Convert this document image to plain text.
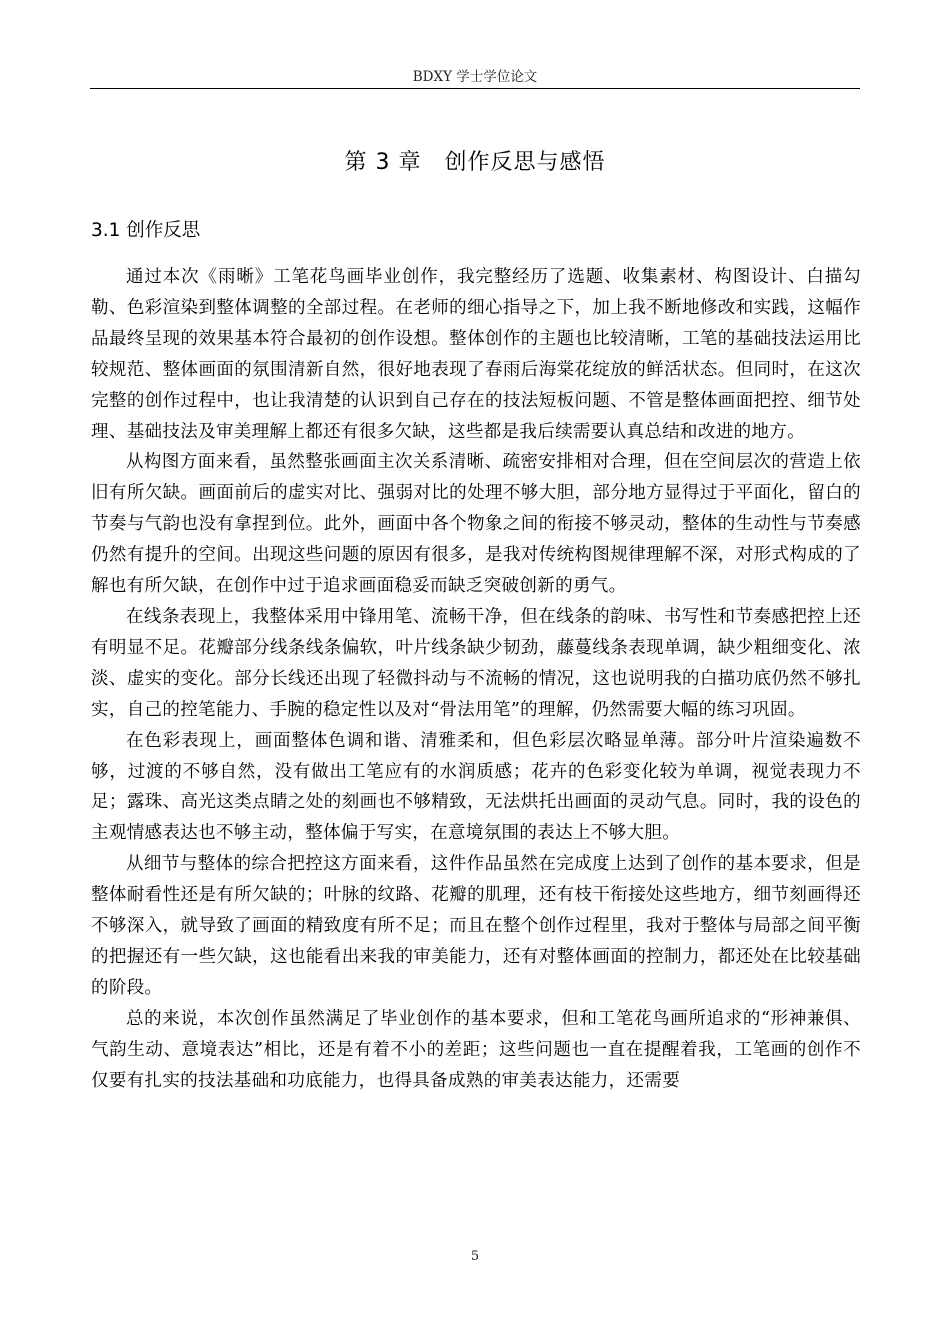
BDXY 学士学位论文
第 3 章　创作反思与感悟
3.1 创作反思

通过本次《雨晰》工笔花鸟画毕业创作，我完整经历了选题、收集素材、构图设计、白描勾勒、色彩渲染到整体调整的全部过程。在老师的细心指导之下，加上我不断地修改和实践，这幅作品最终呈现的效果基本符合最初的创作设想。整体创作的主题也比较清晰，工笔的基础技法运用比较规范、整体画面的氛围清新自然，很好地表现了春雨后海棠花绽放的鲜活状态。但同时，在这次完整的创作过程中，也让我清楚的认识到自己存在的技法短板问题、不管是整体画面把控、细节处理、基础技法及审美理解上都还有很多欠缺，这些都是我后续需要认真总结和改进的地方。

从构图方面来看，虽然整张画面主次关系清晰、疏密安排相对合理，但在空间层次的营造上依旧有所欠缺。画面前后的虚实对比、强弱对比的处理不够大胆，部分地方显得过于平面化，留白的节奏与气韵也没有拿捏到位。此外，画面中各个物象之间的衔接不够灵动，整体的生动性与节奏感仍然有提升的空间。出现这些问题的原因有很多，是我对传统构图规律理解不深，对形式构成的了解也有所欠缺，在创作中过于追求画面稳妥而缺乏突破创新的勇气。

在线条表现上，我整体采用中锋用笔、流畅干净，但在线条的韵味、书写性和节奏感把控上还有明显不足。花瓣部分线条线条偏软，叶片线条缺少韧劲，藤蔓线条表现单调，缺少粗细变化、浓淡、虚实的变化。部分长线还出现了轻微抖动与不流畅的情况，这也说明我的白描功底仍然不够扎实，自己的控笔能力、手腕的稳定性以及对“骨法用笔”的理解，仍然需要大幅的练习巩固。

在色彩表现上，画面整体色调和谐、清雅柔和，但色彩层次略显单薄。部分叶片渲染遍数不够，过渡的不够自然，没有做出工笔应有的水润质感；花卉的色彩变化较为单调，视觉表现力不足；露珠、高光这类点睛之处的刻画也不够精致，无法烘托出画面的灵动气息。同时，我的设色的主观情感表达也不够主动，整体偏于写实，在意境氛围的表达上不够大胆。

从细节与整体的综合把控这方面来看，这件作品虽然在完成度上达到了创作的基本要求，但是整体耐看性还是有所欠缺的；叶脉的纹路、花瓣的肌理，还有枝干衔接处这些地方，细节刻画得还不够深入，就导致了画面的精致度有所不足；而且在整个创作过程里，我对于整体与局部之间平衡的把握还有一些欠缺，这也能看出来我的审美能力，还有对整体画面的控制力，都还处在比较基础的阶段。

总的来说，本次创作虽然满足了毕业创作的基本要求，但和工笔花鸟画所追求的“形神兼俱、气韵生动、意境表达”相比，还是有着不小的差距；这些问题也一直在提醒着我，工笔画的创作不仅要有扎实的技法基础和功底能力，也得具备成熟的审美表达能力，还需要

5
